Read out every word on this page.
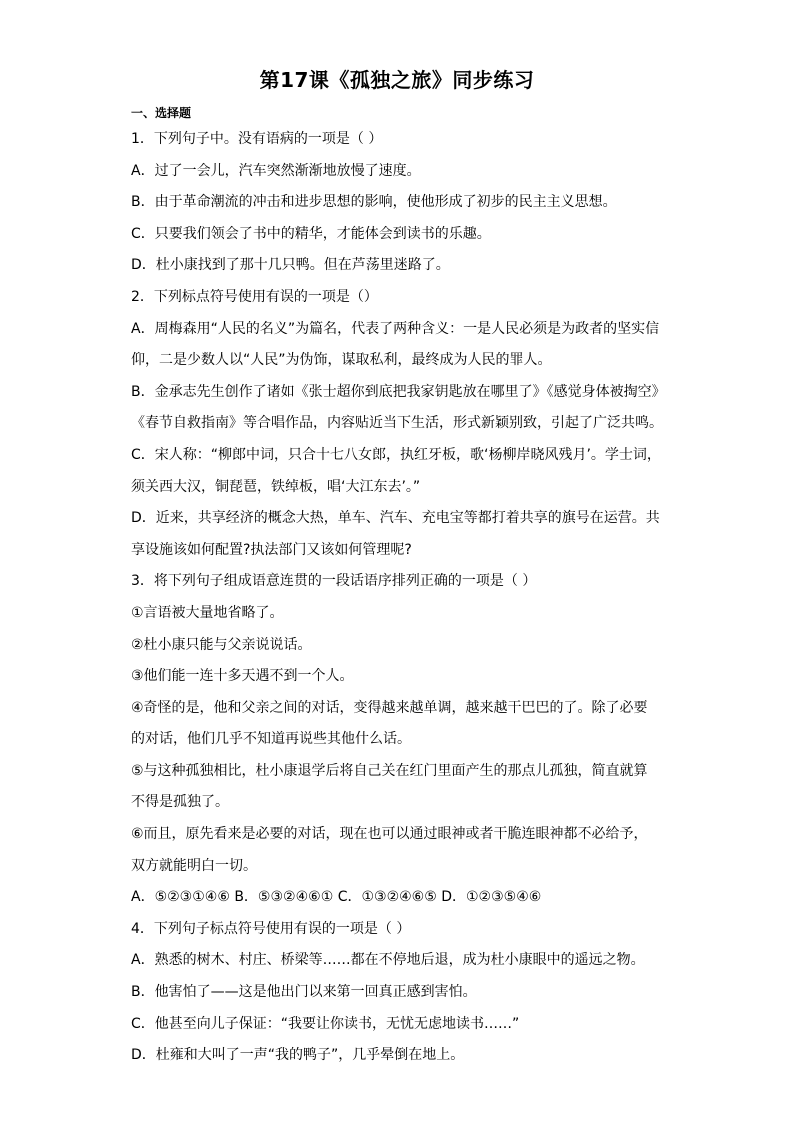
第17课《孤独之旅》同步练习
一、选择题
1．下列句子中。没有语病的一项是（ ）
A．过了一会儿，汽车突然渐渐地放慢了速度。
B．由于革命潮流的冲击和进步思想的影响，使他形成了初步的民主主义思想。
C．只要我们领会了书中的精华，才能体会到读书的乐趣。
D．杜小康找到了那十几只鸭。但在芦荡里迷路了。
2．下列标点符号使用有误的一项是（）
A．周梅森用“人民的名义”为篇名，代表了两种含义：一是人民必须是为政者的坚实信
仰，二是少数人以“人民”为伪饰，谋取私利，最终成为人民的罪人。
B．金承志先生创作了诸如《张士超你到底把我家钥匙放在哪里了》《感觉身体被掏空》
《春节自救指南》等合唱作品，内容贴近当下生活，形式新颖别致，引起了广泛共鸣。
C．宋人称：“柳郎中词，只合十七八女郎，执红牙板，歌‘杨柳岸晓风残月’。学士词，
须关西大汉，铜琵琶，铁绰板，唱‘大江东去’。”
D．近来，共享经济的概念大热，单车、汽车、充电宝等都打着共享的旗号在运营。共
享设施该如何配置?执法部门又该如何管理呢?
3．将下列句子组成语意连贯的一段话语序排列正确的一项是（ ）
①言语被大量地省略了。
②杜小康只能与父亲说说话。
③他们能一连十多天遇不到一个人。
④奇怪的是，他和父亲之间的对话，变得越来越单调，越来越干巴巴的了。除了必要
的对话，他们几乎不知道再说些其他什么话。
⑤与这种孤独相比，杜小康退学后将自己关在红门里面产生的那点儿孤独，简直就算
不得是孤独了。
⑥而且，原先看来是必要的对话，现在也可以通过眼神或者干脆连眼神都不必给予，
双方就能明白一切。
A．⑤②③①④⑥ B．⑤③②④⑥① C．①③②④⑥⑤ D．①②③⑤④⑥
4．下列句子标点符号使用有误的一项是（ ）
A．熟悉的树木、村庄、桥梁等……都在不停地后退，成为杜小康眼中的遥远之物。
B．他害怕了——这是他出门以来第一回真正感到害怕。
C．他甚至向儿子保证：“我要让你读书，无忧无虑地读书……”
D．杜雍和大叫了一声“我的鸭子”，几乎晕倒在地上。
